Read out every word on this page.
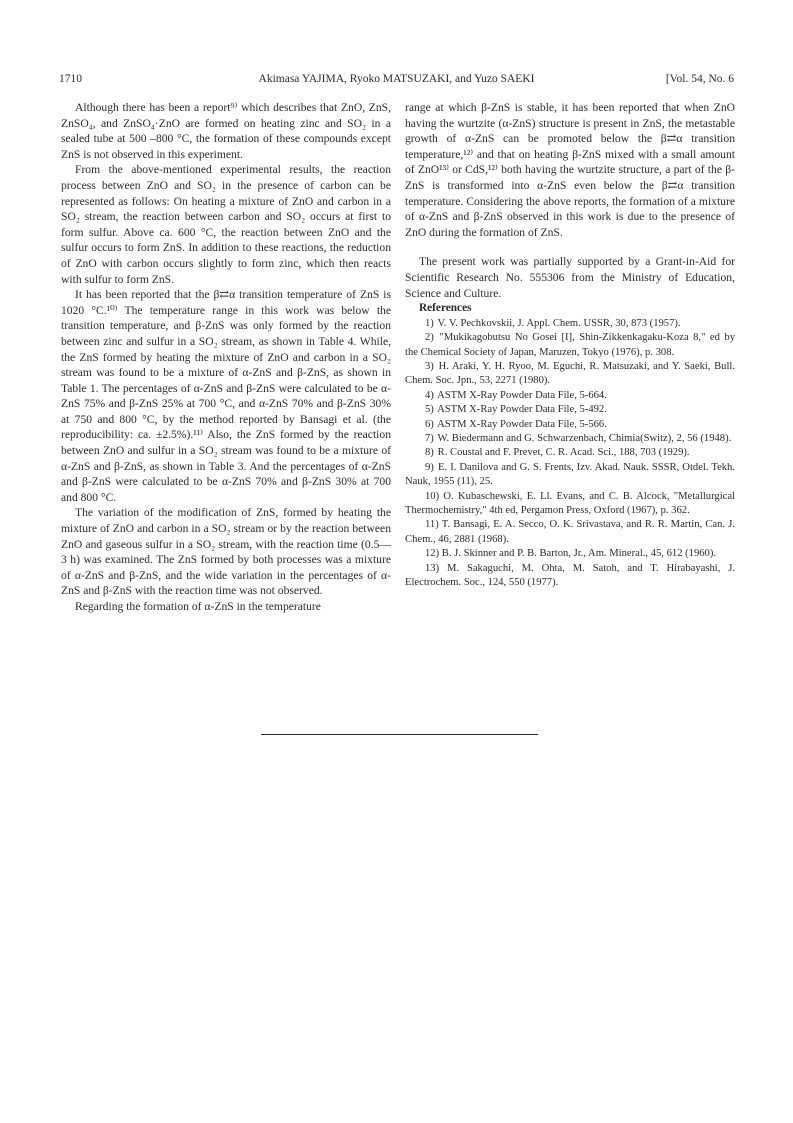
1710	Akimasa YAJIMA, Ryoko MATSUZAKI, and Yuzo SAEKI	[Vol. 54, No. 6

Although there has been a report⁹⁾ which describes that ZnO, ZnS, ZnSO₄, and ZnSO₄·ZnO are formed on heating zinc and SO₂ in a sealed tube at 500 –800 °C, the formation of these compounds except ZnS is not observed in this experiment.

From the above-mentioned experimental results, the reaction process between ZnO and SO₂ in the presence of carbon can be represented as follows: On heating a mixture of ZnO and carbon in a SO₂ stream, the reaction between carbon and SO₂ occurs at first to form sulfur. Above ca. 600 °C, the reaction between ZnO and the sulfur occurs to form ZnS. In addition to these reactions, the reduction of ZnO with carbon occurs slightly to form zinc, which then reacts with sulfur to form ZnS.

It has been reported that the β⇄α transition temperature of ZnS is 1020 °C.¹⁰⁾ The temperature range in this work was below the transition temperature, and β-ZnS was only formed by the reaction between zinc and sulfur in a SO₂ stream, as shown in Table 4. While, the ZnS formed by heating the mixture of ZnO and carbon in a SO₂ stream was found to be a mixture of α-ZnS and β-ZnS, as shown in Table 1. The percentages of α-ZnS and β-ZnS were calculated to be α-ZnS 75% and β-ZnS 25% at 700 °C, and α-ZnS 70% and β-ZnS 30% at 750 and 800 °C, by the method reported by Bansagi et al. (the reproducibility: ca. ±2.5%).¹¹⁾ Also, the ZnS formed by the reaction between ZnO and sulfur in a SO₂ stream was found to be a mixture of α-ZnS and β-ZnS, as shown in Table 3. And the percentages of α-ZnS and β-ZnS were calculated to be α-ZnS 70% and β-ZnS 30% at 700 and 800 °C.

The variation of the modification of ZnS, formed by heating the mixture of ZnO and carbon in a SO₂ stream or by the reaction between ZnO and gaseous sulfur in a SO₂ stream, with the reaction time (0.5—3 h) was examined. The ZnS formed by both processes was a mixture of α-ZnS and β-ZnS, and the wide variation in the percentages of α-ZnS and β-ZnS with the reaction time was not observed.

Regarding the formation of α-ZnS in the temperature

range at which β-ZnS is stable, it has been reported that when ZnO having the wurtzite (α-ZnS) structure is present in ZnS, the metastable growth of α-ZnS can be promoted below the β⇄α transition temperature,¹²⁾ and that on heating β-ZnS mixed with a small amount of ZnO¹³⁾ or CdS,¹²⁾ both having the wurtzite structure, a part of the β-ZnS is transformed into α-ZnS even below the β⇄α transition temperature. Considering the above reports, the formation of a mixture of α-ZnS and β-ZnS observed in this work is due to the presence of ZnO during the formation of ZnS.

The present work was partially supported by a Grant-in-Aid for Scientific Research No. 555306 from the Ministry of Education, Science and Culture.

References

1) V. V. Pechkovskii, J. Appl. Chem. USSR, 30, 873 (1957).
2) "Mukikagobutsu No Gosei [I], Shin-Zikkenkagaku-Koza 8," ed by the Chemical Society of Japan, Maruzen, Tokyo (1976), p. 308.
3) H. Araki, Y. H. Ryoo, M. Eguchi, R. Matsuzaki, and Y. Saeki, Bull. Chem. Soc. Jpn., 53, 2271 (1980).
4) ASTM X-Ray Powder Data File, 5-664.
5) ASTM X-Ray Powder Data File, 5-492.
6) ASTM X-Ray Powder Data File, 5-566.
7) W. Biedermann and G. Schwarzenbach, Chimia(Switz), 2, 56 (1948).
8) R. Coustal and F. Prevet, C. R. Acad. Sci., 188, 703 (1929).
9) E. I. Danilova and G. S. Frents, Izv. Akad. Nauk. SSSR, Otdel. Tekh. Nauk, 1955 (11), 25.
10) O. Kubaschewski, E. Ll. Evans, and C. B. Alcock, "Metallurgical Thermochemistry," 4th ed, Pergamon Press, Oxford (1967), p. 362.
11) T. Bansagi, E. A. Secco, O. K. Srivastava, and R. R. Martin, Can. J. Chem., 46, 2881 (1968).
12) B. J. Skinner and P. B. Barton, Jr., Am. Mineral., 45, 612 (1960).
13) M. Sakaguchi, M. Ohta, M. Satoh, and T. Hirabayashi, J. Electrochem. Soc., 124, 550 (1977).
